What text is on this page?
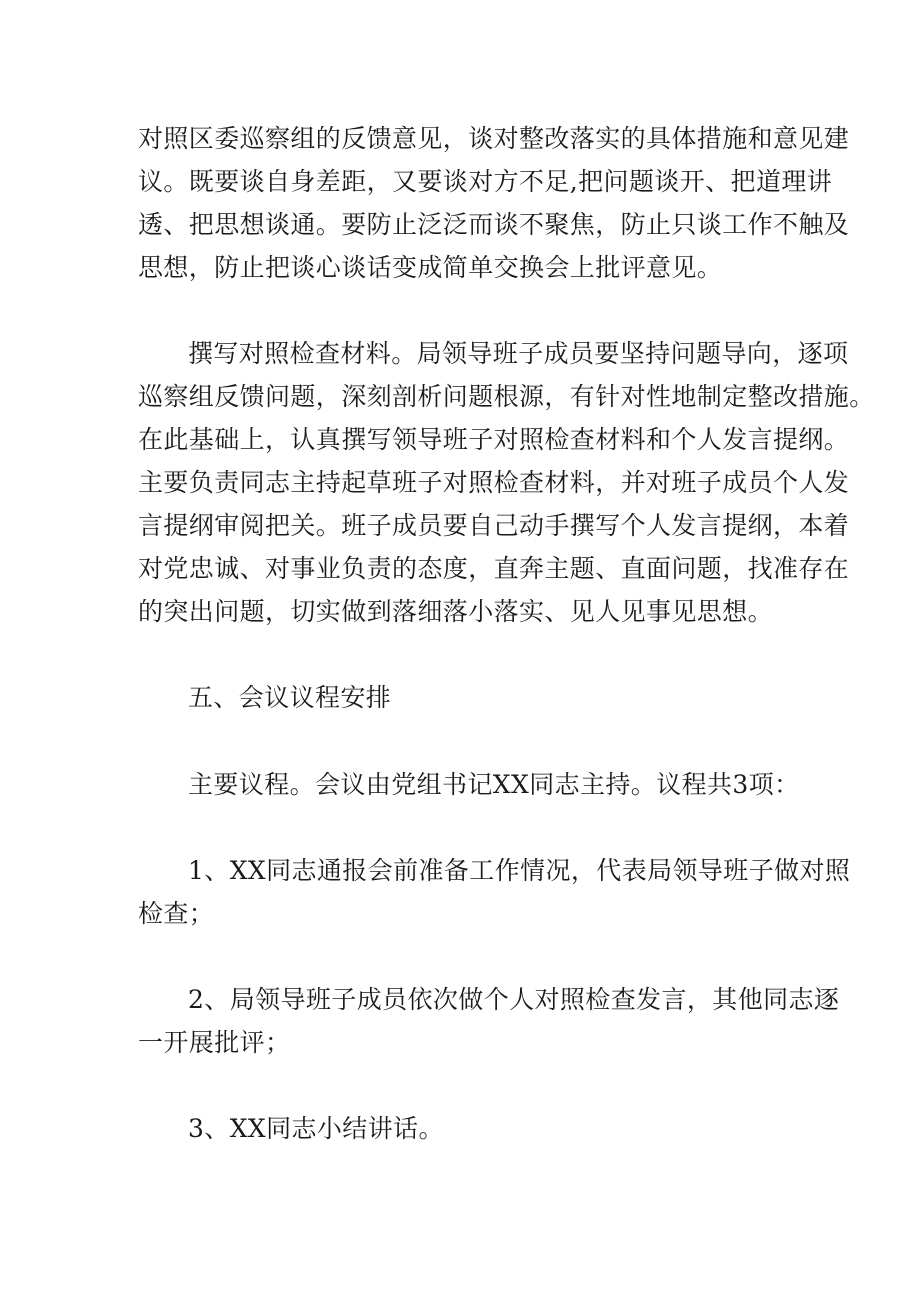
对照区委巡察组的反馈意见，谈对整改落实的具体措施和意见建
议。既要谈自身差距，又要谈对方不足,把问题谈开、把道理讲
透、把思想谈通。要防止泛泛而谈不聚焦，防止只谈工作不触及
思想，防止把谈心谈话变成简单交换会上批评意见。
撰写对照检查材料。局领导班子成员要坚持问题导向，逐项
巡察组反馈问题，深刻剖析问题根源，有针对性地制定整改措施。
在此基础上，认真撰写领导班子对照检查材料和个人发言提纲。
主要负责同志主持起草班子对照检查材料，并对班子成员个人发
言提纲审阅把关。班子成员要自己动手撰写个人发言提纲，本着
对党忠诚、对事业负责的态度，直奔主题、直面问题，找准存在
的突出问题，切实做到落细落小落实、见人见事见思想。
五、会议议程安排
主要议程。会议由党组书记XX同志主持。议程共3项：
1、XX同志通报会前准备工作情况，代表局领导班子做对照
检查；
2、局领导班子成员依次做个人对照检查发言，其他同志逐
一开展批评；
3、XX同志小结讲话。
